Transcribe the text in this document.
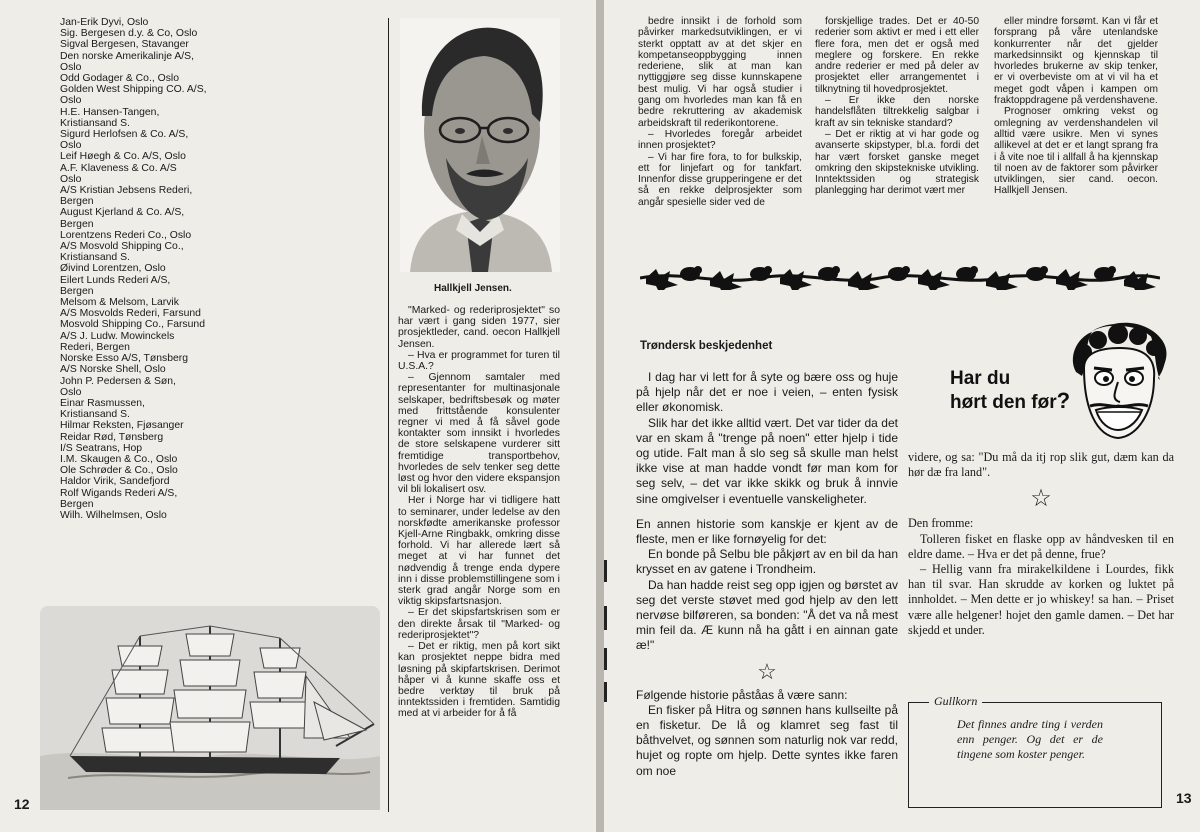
Jan-Erik Dyvi, Oslo
Sig. Bergesen d.y. & Co, Oslo
Sigval Bergesen, Stavanger
Den norske Amerikalinje A/S,
Oslo
Odd Godager & Co., Oslo
Golden West Shipping CO. A/S,
Oslo
H.E. Hansen-Tangen,
Kristiansand S.
Sigurd Herlofsen & Co. A/S,
Oslo
Leif Høegh & Co. A/S, Oslo
A.F. Klaveness & Co. A/S
Oslo
A/S Kristian Jebsens Rederi,
Bergen
August Kjerland & Co. A/S,
Bergen
Lorentzens Rederi Co., Oslo
A/S Mosvold Shipping Co.,
Kristiansand S.
Øivind Lorentzen, Oslo
Eilert Lunds Rederi A/S,
Bergen
Melsom & Melsom, Larvik
A/S Mosvolds Rederi, Farsund
Mosvold Shipping Co., Farsund
A/S J. Ludw. Mowinckels
Rederi, Bergen
Norske Esso A/S, Tønsberg
A/S Norske Shell, Oslo
John P. Pedersen & Søn,
Oslo
Einar Rasmussen,
Kristiansand S.
Hilmar Reksten, Fjøsanger
Reidar Rød, Tønsberg
I/S Seatrans, Hop
I.M. Skaugen & Co., Oslo
Ole Schrøder & Co., Oslo
Haldor Virik, Sandefjord
Rolf Wigands Rederi A/S,
Bergen
Wilh. Wilhelmsen, Oslo
Hallkjell Jensen.

"Marked- og rederiprosjektet" so har vært i gang siden 1977, sier prosjektleder, cand. oecon Hallkjell Jensen.

– Hva er programmet for turen til U.S.A.?

– Gjennom samtaler med representanter for multinasjonale selskaper, bedriftsbesøk og møter med frittstående konsulenter regner vi med å få såvel gode kontakter som innsikt i hvorledes de store selskapene vurderer sitt fremtidige transportbehov, hvorledes de selv tenker seg dette løst og hvor den videre ekspansjon vil bli lokalisert osv.

Her i Norge har vi tidligere hatt to seminarer, under ledelse av den norskfødte amerikanske professor Kjell-Arne Ringbakk, omkring disse forhold. Vi har allerede lært så meget at vi har funnet det nødvendig å trenge enda dypere inn i disse problemstillingene som i sterk grad angår Norge som en viktig skipsfartsnasjon.

– Er det skipsfartskrisen som er den direkte årsak til "Marked- og rederiprosjektet"?

– Det er riktig, men på kort sikt kan prosjektet neppe bidra med løsning på skipfartskrisen. Derimot håper vi å kunne skaffe oss et bedre verktøy til bruk på inntektssiden i fremtiden. Samtidig med at vi arbeider for å få

12

bedre innsikt i de forhold som påvirker markedsutviklingen, er vi sterkt opptatt av at det skjer en kompetanseoppbygging innen rederiene, slik at man kan nyttiggjøre seg disse kunnskapene best mulig. Vi har også studier i gang om hvorledes man kan få en bedre rekruttering av akademisk arbeidskraft til rederikontorene.

– Hvorledes foregår arbeidet innen prosjektet?

– Vi har fire fora, to for bulkskip, ett for linjefart og for tankfart. Innenfor disse grupperingene er det så en rekke delprosjekter som angår spesielle sider ved de

forskjellige trades. Det er 40-50 rederier som aktivt er med i ett eller flere fora, men det er også med meglere og forskere. En rekke andre rederier er med på deler av prosjektet eller arrangementet i tilknytning til hovedprosjektet.

– Er ikke den norske handelsflåten tiltrekkelig salgbar i kraft av sin tekniske standard?

– Det er riktig at vi har gode og avanserte skipstyper, bl.a. fordi det har vært forsket ganske meget omkring den skipstekniske utvikling. Inntektssiden og strategisk planlegging har derimot vært mer

eller mindre forsømt. Kan vi får et forsprang på våre utenlandske konkurrenter når det gjelder markedsinnsikt og kjennskap til hvorledes brukerne av skip tenker, er vi overbeviste om at vi vil ha et meget godt våpen i kampen om fraktoppdragene på verdenshavene.

Prognoser omkring vekst og omlegning av verdenshandelen vil alltid være usikre. Men vi synes allikevel at det er et langt sprang fra i å vite noe til i allfall å ha kjennskap til noen av de faktorer som påvirker utviklingen, sier cand. oecon. Hallkjell Jensen.

Trøndersk beskjedenhet

I dag har vi lett for å syte og bære oss og huje på hjelp når det er noe i veien, – enten fysisk eller økonomisk.

Slik har det ikke alltid vært. Det var tider da det var en skam å "trenge på noen" etter hjelp i tide og utide. Falt man å slo seg så skulle man helst ikke vise at man hadde vondt før man kom for seg selv, – det var ikke skikk og bruk å innvie sine omgivelser i eventuelle vanskeligheter.

En annen historie som kanskje er kjent av de fleste, men er like fornøyelig for det:

En bonde på Selbu ble påkjørt av en bil da han krysset en av gatene i Trondheim.

Da han hadde reist seg opp igjen og børstet av seg det verste støvet med god hjelp av den lett nervøse bilføreren, sa bonden: "Å det va nå mest min feil da. Æ kunn nå ha gått i en ainnan gate æ!"

☆

Følgende historie påståas å være sann:

En fisker på Hitra og sønnen hans kullseilte på en fisketur. De lå og klamret seg fast til båthvelvet, og sønnen som naturlig nok var redd, hujet og ropte om hjelp. Dette syntes ikke faren om noe

Har du
hørt den før?

videre, og sa: "Du må da itj rop slik gut, dæm kan da hør dæ fra land".

☆

Den fromme:

Tolleren fisket en flaske opp av håndvesken til en eldre dame. – Hva er det på denne, frue?

– Hellig vann fra mirakelkildene i Lourdes, fikk han til svar. Han skrudde av korken og luktet på innholdet. – Men dette er jo whiskey! sa han. – Priset være alle helgener! hojet den gamle damen. – Det har skjedd et under.

Gullkorn
Det finnes andre ting i verden enn penger. Og det er de tingene som koster penger.
13
